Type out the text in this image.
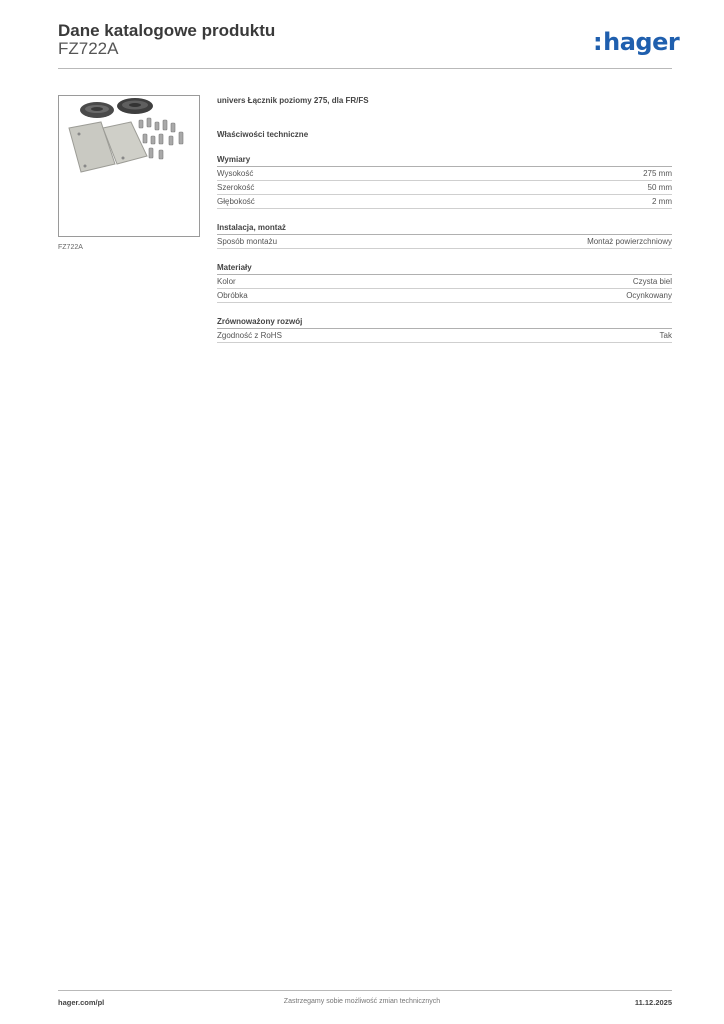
Dane katalogowe produktu
FZ722A	:hager
FZ722A
univers Łącznik poziomy 275, dla FR/FS
Właściwości techniczne
Wymiary
Wysokość	275 mm
Szerokość	50 mm
Głębokość	2 mm
Instalacja, montaż
Sposób montażu	Montaż powierzchniowy
Materiały
Kolor	Czysta biel
Obróbka	Ocynkowany
Zrównoważony rozwój
Zgodność z RoHS	Tak
hager.com/pl	Zastrzegamy sobie możliwość zmian technicznych	11.12.2025
